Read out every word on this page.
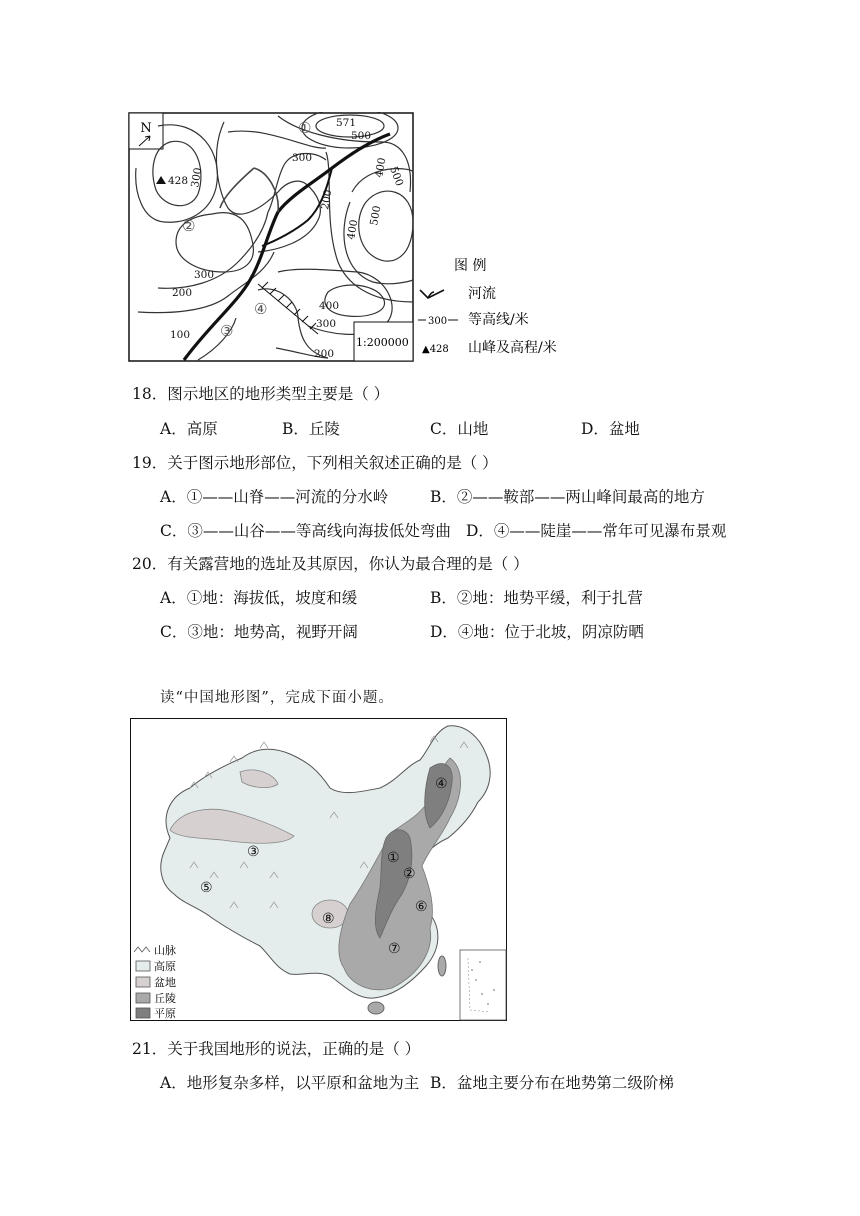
N	571
428
500
300
500
400
300
200
500
400
300
200
100
400
300
200
①
②
③
④
1:200000
图 例
河流
300 等高线/米
▲428 山峰及高程/米
18．图示地区的地形类型主要是（ ）
A．高原	B．丘陵	C．山地	D．盆地
19．关于图示地形部位，下列相关叙述正确的是（ ）
A．①——山脊——河流的分水岭	B．②——鞍部——两山峰间最高的地方
C．③——山谷——等高线向海拔低处弯曲 D．④——陡崖——常年可见瀑布景观
20．有关露营地的选址及其原因，你认为最合理的是（ ）
A．①地：海拔低，坡度和缓	B．②地：地势平缓，利于扎营
C．③地：地势高，视野开阔	D．④地：位于北坡，阴凉防晒
读“中国地形图”，完成下面小题。
①
②
③
④
⑤
⑥
⑦
⑧
山脉
高原
盆地
丘陵
平原
21．关于我国地形的说法，正确的是（ ）
A．地形复杂多样，以平原和盆地为主 B．盆地主要分布在地势第二级阶梯
